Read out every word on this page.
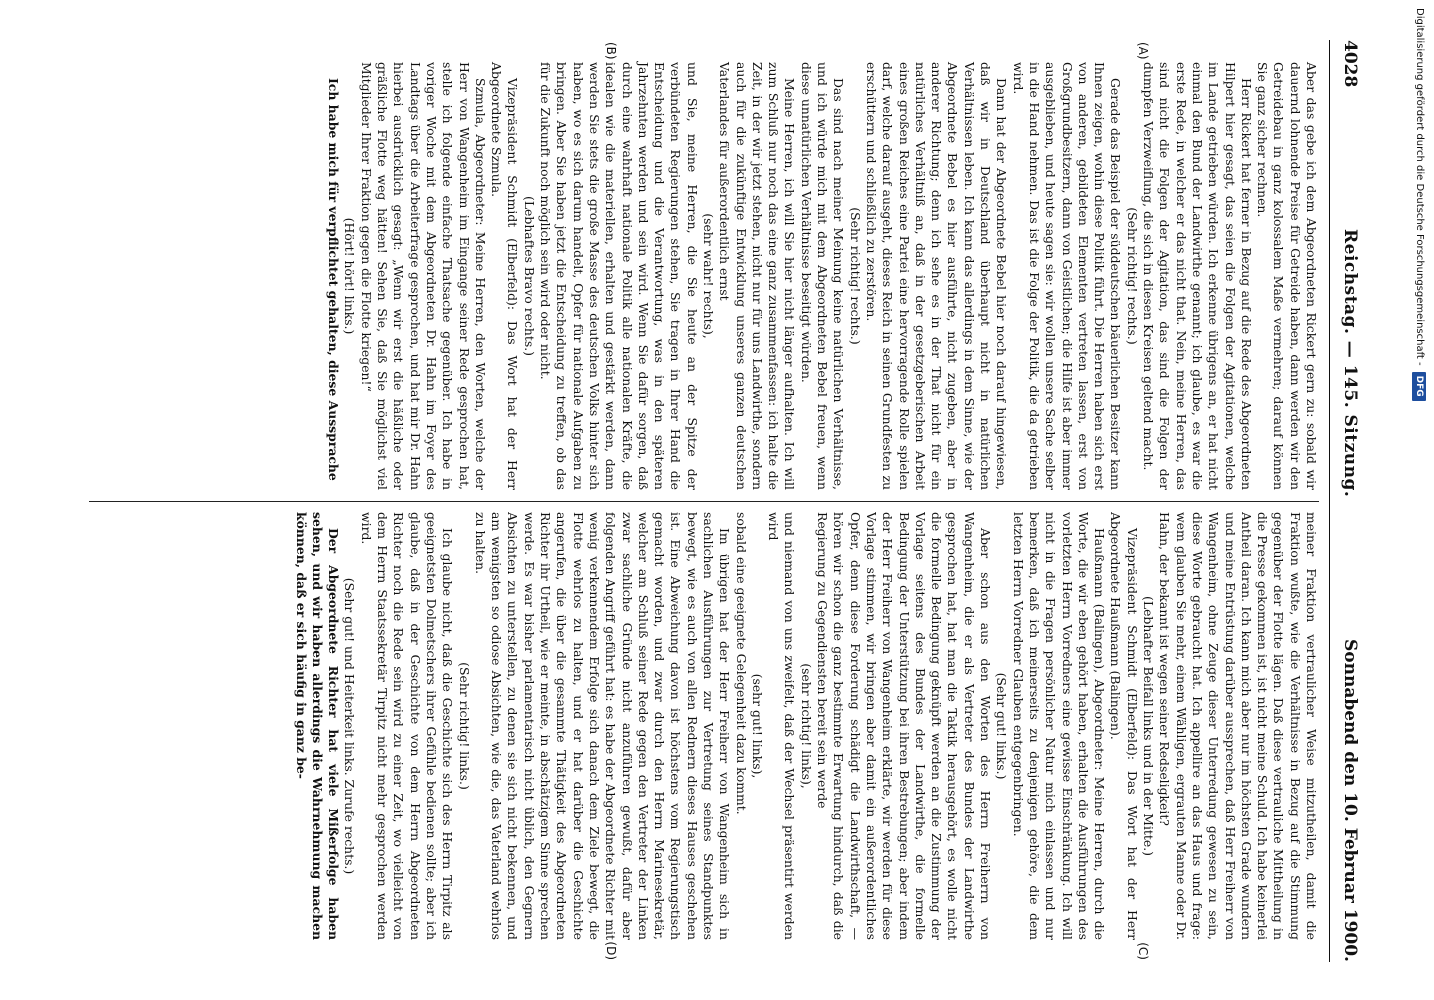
4028
Reichstag. — 145. Sitzung.
Sonnabend den 10. Februar 1900.
(A)
(B)

Aber das gebe ich dem Abgeordneten Rickert gern zu: sobald wir dauernd lohnende Preise für Getreide haben, dann werden wir den Getreidebau in ganz kolossalem Maße vermehren; darauf können Sie ganz sicher rechnen.

Herr Rickert hat ferner in Bezug auf die Rede des Abgeordneten Hilpert hier gesagt, das seien die Folgen der Agitationen, welche im Lande getrieben würden. Ich erkenne übrigens an, er hat nicht einmal den Bund der Landwirthe genannt; ich glaube, es war die erste Rede, in welcher er das nicht that. Nein, meine Herren, das sind nicht die Folgen der Agitation, das sind die Folgen der dumpfen Verzweiflung, die sich in diesen Kreisen geltend macht.

(Sehr richtig! rechts.)

Gerade das Beispiel der süddeutschen bäuerlichen Besitzer kann Ihnen zeigen, wohin diese Politik führt. Die Herren haben sich erst von anderen, gebildeten Elementen vertreten lassen, erst von Großgrundbesitzern, dann von Geistlichen; die Hilfe ist aber immer ausgeblieben, und heute sagen sie: wir wollen unsere Sache selber in die Hand nehmen. Das ist die Folge der Politik, die da getrieben wird.

Dann hat der Abgeordnete Bebel hier noch darauf hingewiesen, daß wir in Deutschland überhaupt nicht in natürlichen Verhältnissen leben. Ich kann das allerdings in dem Sinne, wie der Abgeordnete Bebel es hier ausführte, nicht zugeben, aber in anderer Richtung; denn ich sehe es in der That nicht für ein natürliches Verhältniß an, daß in der gesetzgeberischen Arbeit eines großen Reiches eine Partei eine hervorragende Rolle spielen darf, welche darauf ausgeht, dieses Reich in seinen Grundfesten zu erschüttern und schließlich zu zerstören.

(Sehr richtig! rechts.)

Das sind nach meiner Meinung keine natürlichen Verhältnisse, und ich würde mich mit dem Abgeordneten Bebel freuen, wenn diese unnatürlichen Verhältnisse beseitigt würden.

Meine Herren, ich will Sie hier nicht länger aufhalten. Ich will zum Schluß nur noch das eine ganz zusammenfassen: ich halte die Zeit, in der wir jetzt stehen, nicht nur für uns Landwirthe, sondern auch für die zukünftige Entwicklung unseres ganzen deutschen Vaterlandes für außerordentlich ernst

(sehr wahr! rechts),

und Sie, meine Herren, die Sie heute an der Spitze der verbündeten Regierungen stehen, Sie tragen in Ihrer Hand die Entscheidung und die Verantwortung, was in den späteren Jahrzehnten werden und sein wird. Wenn Sie dafür sorgen, daß durch eine wahrhaft nationale Politik alle nationalen Kräfte, die idealen wie die materiellen, erhalten und gestärkt werden, dann werden Sie stets die große Masse des deutschen Volks hinter sich haben, wo es sich darum handelt, Opfer für nationale Aufgaben zu bringen. Aber Sie haben jetzt die Entscheidung zu treffen, ob das für die Zukunft noch möglich sein wird oder nicht.

(Lebhaftes Bravo rechts.)

Vizepräsident Schmidt (Elberfeld): Das Wort hat der Herr Abgeordnete Szmula.

Szmula, Abgeordneter: Meine Herren, den Worten, welche der Herr von Wangenheim im Eingange seiner Rede gesprochen hat, stelle ich folgende einfache Thatsache gegenüber. Ich habe in voriger Woche mit dem Abgeordneten Dr. Hahn im Foyer des Landtags über die Arbeiterfrage gesprochen, und hat mir Dr. Hahn hierbei ausdrücklich gesagt: „Wenn wir erst die häßliche oder gräßliche Flotte weg hätten! Sehen Sie, daß Sie möglichst viel Mitglieder Ihrer Fraktion gegen die Flotte kriegen!“

(Hört! hört! links.)

Ich habe mich für verpflichtet gehalten, diese Aussprache

(C)
(D)

meiner Fraktion vertraulicher Weise mitzutheilen, damit die Fraktion wußte, wie die Verhältnisse in Bezug auf die Stimmung gegenüber der Flotte lägen. Daß diese vertrauliche Mittheilung in die Presse gekommen ist, ist nicht meine Schuld. Ich habe keinerlei Antheil daran. Ich kann mich aber nur im höchsten Grade wundern und meine Entrüstung darüber aussprechen, daß Herr Freiherr von Wangenheim, ohne Zeuge dieser Unterredung gewesen zu sein, diese Worte gebraucht hat. Ich appellire an das Haus und frage: wem glauben Sie mehr, einem Wähligen, ergrauten Manne oder Dr. Hahn, der bekannt ist wegen seiner Redseligkeit?

(Lebhafter Beifall links und in der Mitte.)

Vizepräsident Schmidt (Elberfeld): Das Wort hat der Herr Abgeordnete Haußmann (Balingen).

Haußmann (Balingen), Abgeordneter: Meine Herren, durch die Worte, die wir eben gehört haben, erhalten die Ausführungen des vorletzten Herrn Vorredners eine gewisse Einschränkung. Ich will nicht in die Fragen persönlicher Natur mich einlassen und nur bemerken, daß ich meinerseits zu denjenigen gehöre, die dem letzten Herrn Vorredner Glauben entgegenbringen.

(Sehr gut! links.)

Aber schon aus den Worten des Herrn Freiherrn von Wangenheim, die er als Vertreter des Bundes der Landwirthe gesprochen hat, hat man die Taktik herausgehört, es wolle nicht die formelle Bedingung geknüpft werden an die Zustimmung der Vorlage seitens des Bundes der Landwirthe, die formelle Bedingung der Unterstützung bei ihren Bestrebungen; aber indem der Herr Freiherr von Wangenheim erklärte, wir werden für diese Vorlage stimmen, wir bringen aber damit ein außerordentliches Opfer, denn diese Forderung schädigt die Landwirthschaft, — hören wir schon die ganz bestimmte Erwartung hindurch, daß die Regierung zu Gegendiensten bereit sein werde

(sehr richtig! links),

und niemand von uns zweifelt, daß der Wechsel präsentirt werden wird

(sehr gut! links),

sobald eine geeignete Gelegenheit dazu kommt.

Im übrigen hat der Herr Freiherr von Wangenheim sich in sachlichen Ausführungen zur Vertretung seines Standpunktes bewegt, wie es auch von allen Rednern dieses Hauses geschehen ist. Eine Abweichung davon ist höchstens vom Regierungstisch gemacht worden, und zwar durch den Herrn Marinesekretär, welcher am Schluß seiner Rede gegen den Vertreter der Linken zwar sachliche Gründe nicht anzuführen gewußt, dafür aber folgenden Angriff geführt hat: es habe der Abgeordnete Richter mit wenig verkennendem Erfolge sich danach dem Ziele bewegt, die Flotte wehrlos zu halten, und er hat darüber die Geschichte angerufen, die über die gesammte Thätigkeit des Abgeordneten Richter ihr Urtheil, wie er meinte, in abschätzigem Sinne sprechen werde. Es war bisher parlamentarisch nicht üblich, den Gegnern Absichten zu unterstellen, zu denen sie sich nicht bekennen, und am wenigsten so odiose Absichten, wie die, das Vaterland wehrlos zu halten.

(Sehr richtig! links.)

Ich glaube nicht, daß die Geschichte sich des Herrn Tirpitz als geeignetsten Dolmetschers ihrer Gefühle bedienen sollte; aber ich glaube, daß in der Geschichte von dem Herrn Abgeordneten Richter noch die Rede sein wird zu einer Zeit, wo vielleicht von dem Herrn Staatssekretär Tirpitz nicht mehr gesprochen werden wird.

(Sehr gut! und Heiterkeit links. Zurufe rechts.)

Der Abgeordnete Richter hat viele Mißerfolge haben sehen, und wir haben allerdings die Wahrnehmung machen können, daß er sich häufig in ganz be-

Digitalisierung gefördert durch die Deutsche Forschungsgemeinschaft -
DFG
